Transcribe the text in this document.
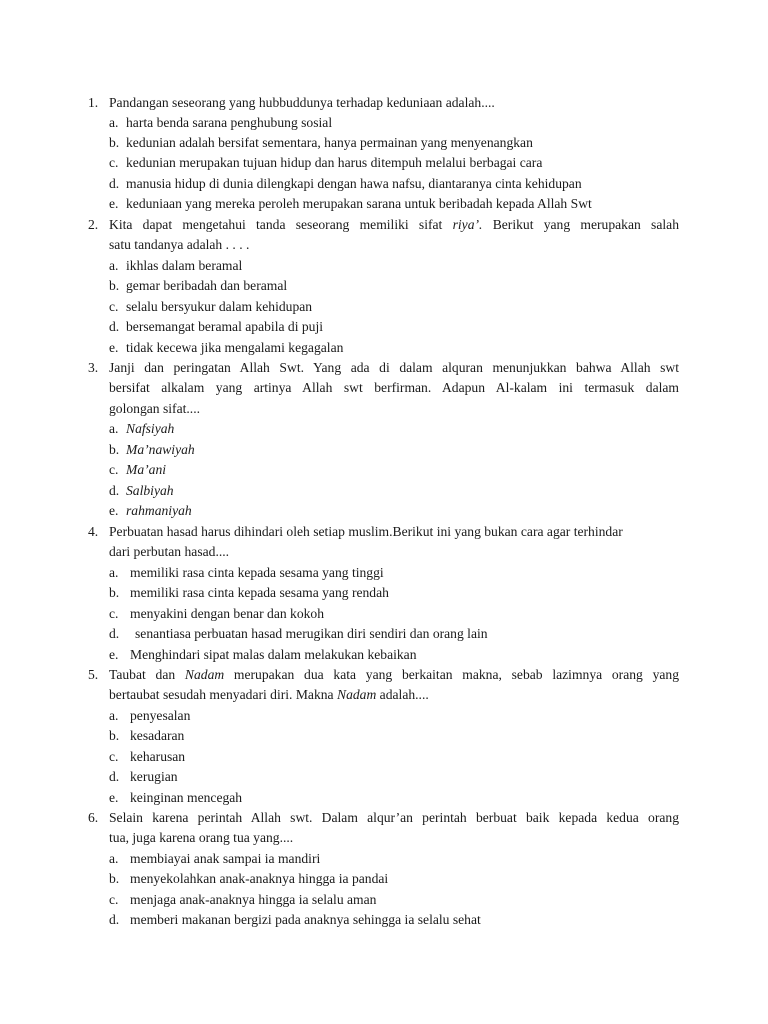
1. Pandangan seseorang yang hubbuddunya terhadap keduniaan adalah....
a. harta benda sarana penghubung sosial
b. kedunian adalah bersifat sementara, hanya permainan yang menyenangkan
c. kedunian merupakan tujuan hidup dan harus ditempuh melalui berbagai cara
d. manusia hidup di dunia dilengkapi dengan hawa nafsu, diantaranya cinta kehidupan
e. keduniaan yang mereka peroleh merupakan sarana untuk beribadah kepada Allah Swt
2. Kita dapat mengetahui tanda seseorang memiliki sifat riya’. Berikut yang merupakan salah
satu tandanya adalah . . . .
a. ikhlas dalam beramal
b. gemar beribadah dan beramal
c. selalu bersyukur dalam kehidupan
d. bersemangat beramal apabila di puji
e. tidak kecewa jika mengalami kegagalan
3. Janji dan peringatan Allah Swt. Yang ada di dalam alquran menunjukkan bahwa Allah swt
bersifat alkalam yang artinya Allah swt berfirman. Adapun Al-kalam ini termasuk dalam
golongan sifat....
a. Nafsiyah
b. Ma’nawiyah
c. Ma’ani
d. Salbiyah
e. rahmaniyah
4. Perbuatan hasad harus dihindari oleh setiap muslim.Berikut ini yang bukan cara agar terhindar
dari perbutan hasad....
a. memiliki rasa cinta kepada sesama yang tinggi
b. memiliki rasa cinta kepada sesama yang rendah
c. menyakini dengan benar dan kokoh
d. senantiasa perbuatan hasad merugikan diri sendiri dan orang lain
e. Menghindari sipat malas dalam melakukan kebaikan
5. Taubat dan Nadam merupakan dua kata yang berkaitan makna, sebab lazimnya orang yang
bertaubat sesudah menyadari diri. Makna Nadam adalah....
a. penyesalan
b. kesadaran
c. keharusan
d. kerugian
e. keinginan mencegah
6. Selain karena perintah Allah swt. Dalam alqur’an perintah berbuat baik kepada kedua orang
tua, juga karena orang tua yang....
a. membiayai anak sampai ia mandiri
b. menyekolahkan anak-anaknya hingga ia pandai
c. menjaga anak-anaknya hingga ia selalu aman
d. memberi makanan bergizi pada anaknya sehingga ia selalu sehat
